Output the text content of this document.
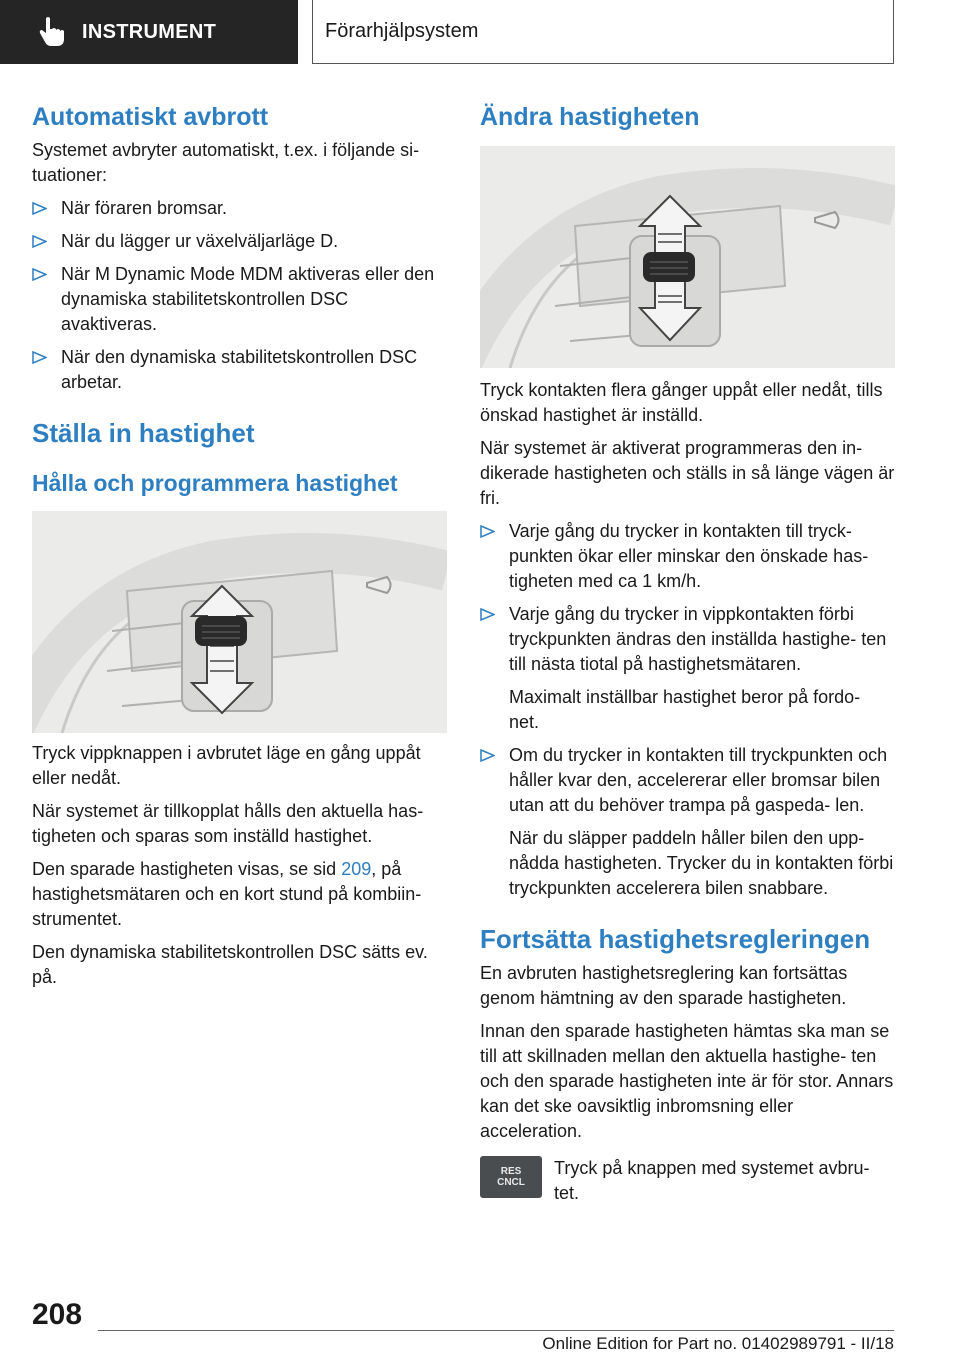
INSTRUMENT	Förarhjälpsystem
Automatiskt avbrott

Systemet avbryter automatiskt, t.ex. i följande si- tuationer:

När föraren bromsar.
När du lägger ur växelväljarläge D.
När M Dynamic Mode MDM aktiveras eller den dynamiska stabilitetskontrollen DSC avaktiveras.
När den dynamiska stabilitetskontrollen DSC arbetar.
Ställa in hastighet
Hålla och programmera hastighet

Tryck vippknappen i avbrutet läge en gång uppåt eller nedåt.

När systemet är tillkopplat hålls den aktuella has- tigheten och sparas som inställd hastighet.

Den sparade hastigheten visas, se sid 209, på hastighetsmätaren och en kort stund på kombiin- strumentet.

Den dynamiska stabilitetskontrollen DSC sätts ev. på.

Ändra hastigheten

Tryck kontakten flera gånger uppåt eller nedåt, tills önskad hastighet är inställd.

När systemet är aktiverat programmeras den in- dikerade hastigheten och ställs in så länge vägen är fri.

Varje gång du trycker in kontakten till tryck- punkten ökar eller minskar den önskade has- tigheten med ca 1 km/h.
Varje gång du trycker in vippkontakten förbi tryckpunkten ändras den inställda hastighe- ten till nästa tiotal på hastighetsmätaren.
Maximalt inställbar hastighet beror på fordo- net.
Om du trycker in kontakten till tryckpunkten och håller kvar den, accelererar eller bromsar bilen utan att du behöver trampa på gaspeda- len.
När du släpper paddeln håller bilen den upp- nådda hastigheten. Trycker du in kontakten förbi tryckpunkten accelerera bilen snabbare.
Fortsätta hastighetsregleringen

En avbruten hastighetsreglering kan fortsättas genom hämtning av den sparade hastigheten.

Innan den sparade hastigheten hämtas ska man se till att skillnaden mellan den aktuella hastighe- ten och den sparade hastigheten inte är för stor. Annars kan det ske oavsiktlig inbromsning eller acceleration.

RES
CNCL

Tryck på knappen med systemet avbru- tet.

208
Online Edition for Part no. 01402989791 - II/18
